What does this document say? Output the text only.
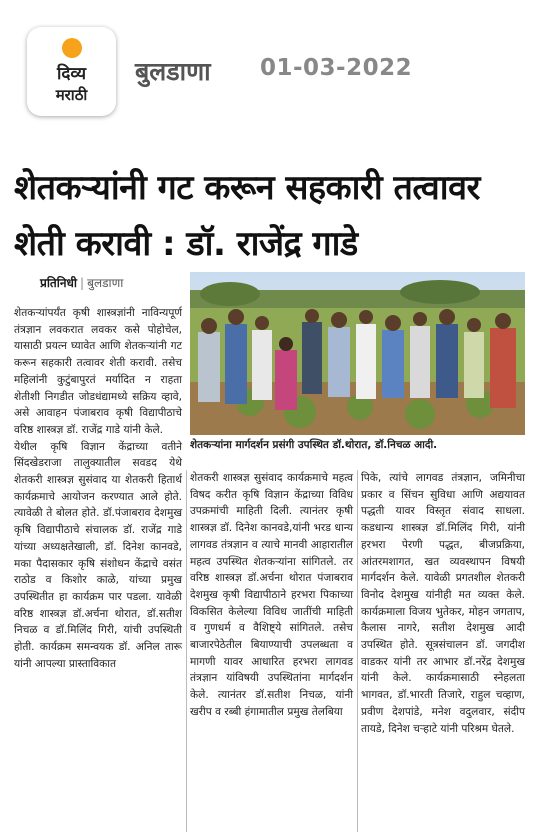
दिव्य
मराठी
बुलडाणा 01-03-2022
शेतकऱ्यांनी गट करून सहकारी तत्वावर शेती करावी : डॉ. राजेंद्र गाडे
प्रतिनिधी | बुलडाणा
शेतकऱ्यांना मार्गदर्शन प्रसंगी उपस्थित डॉ.थोरात, डॉ.निचळ आदी.
शेतकऱ्यांपर्यंत कृषी शास्त्रज्ञांनी नाविन्यपूर्ण तंत्रज्ञान लवकरात लवकर कसे पोहोचेल, यासाठी प्रयत्न घ्यावेत आणि शेतकऱ्यांनी गट करून सहकारी तत्वावर शेती करावी. तसेच महिलांनी कुटुंबापुरतं मर्यादित न राहता शेतीशी निगडीत जोडधंद्यामध्ये सक्रिय व्हावे, असे आवाहन पंजाबराव कृषी विद्यापीठाचे वरिष्ठ शास्त्रज्ञ डॉ. राजेंद्र गाडे यांनी केले.
येथील कृषि विज्ञान केंद्राच्या वतीने सिंदखेडराजा तालुक्यातील सवडद येथे शेतकरी शास्त्रज्ञ सुसंवाद या शेतकरी हितार्थ कार्यक्रमाचे आयोजन करण्यात आले होते. त्यावेळी ते बोलत होते. डॉ.पंजाबराव देशमुख कृषि विद्यापीठाचे संचालक डॉ. राजेंद्र गाडे यांच्या अध्यक्षतेखाली, डॉ. दिनेश कानवडे, मका पैदासकार कृषि संशोधन केंद्राचे वसंत राठोड व किशोर काळे, यांच्या प्रमुख उपस्थितीत हा कार्यक्रम पार पडला. यावेळी वरिष्ठ शास्त्रज्ञ डॉ.अर्चना थोरात, डॉ.सतीश निचळ व डॉ.मिलिंद गिरी, यांची उपस्थिती होती. कार्यक्रम समन्वयक डॉ. अनिल तारू यांनी आपल्या प्रास्ताविकात
शेतकरी शास्त्रज्ञ सुसंवाद कार्यक्रमाचे महत्व विषद करीत कृषि विज्ञान केंद्राच्या विविध उपक्रमांची माहिती दिली. त्यानंतर कृषी शास्त्रज्ञ डॉ. दिनेश कानवडे,यांनी भरड धान्य लागवड तंत्रज्ञान व त्याचे मानवी आहारातील महत्व उपस्थित शेतकऱ्यांना सांगितले. तर वरिष्ठ शास्त्रज्ञ डॉ.अर्चना थोरात पंजाबराव देशमुख कृषी विद्यापीठाने हरभरा पिकाच्या विकसित केलेल्या विविध जातींची माहिती व गुणधर्म व वैशिष्ट्ये सांगितले. तसेच बाजारपेठेतील बियाण्याची उपलब्धता व मागणी यावर आधारित हरभरा लागवड तंत्रज्ञान यांविषयी उपस्थितांना मार्गदर्शन केले. त्यानंतर डॉ.सतीश निचळ, यांनी खरीप व रब्बी हंगामातील प्रमुख तेलबिया
पिके, त्यांचे लागवड तंत्रज्ञान, जमिनीचा प्रकार व सिंचन सुविधा आणि अद्ययावत पद्धती यावर विस्तृत संवाद साधला. कडधान्य शास्त्रज्ञ डॉ.मिलिंद गिरी, यांनी हरभरा पेरणी पद्धत, बीजप्रक्रिया, आंतरमशागत, खत व्यवस्थापन विषयी मार्गदर्शन केले. यावेळी प्रगतशील शेतकरी विनोद देशमुख यांनीही मत व्यक्त केले. कार्यक्रमाला विजय भुतेकर, मोहन जगताप, कैलास नागरे, सतीश देशमुख आदी उपस्थित होते. सूत्रसंचालन डॉ. जगदीश वाडकर यांनी तर आभार डॉ.नरेंद्र देशमुख यांनी केले. कार्यक्रमासाठी स्नेहलता भागवत, डॉ.भारती तिजारे, राहुल चव्हाण, प्रवीण देशपांडे, मनेश वदुलवार, संदीप तायडे, दिनेश चऱ्हाटे यांनी परिश्रम घेतले.
